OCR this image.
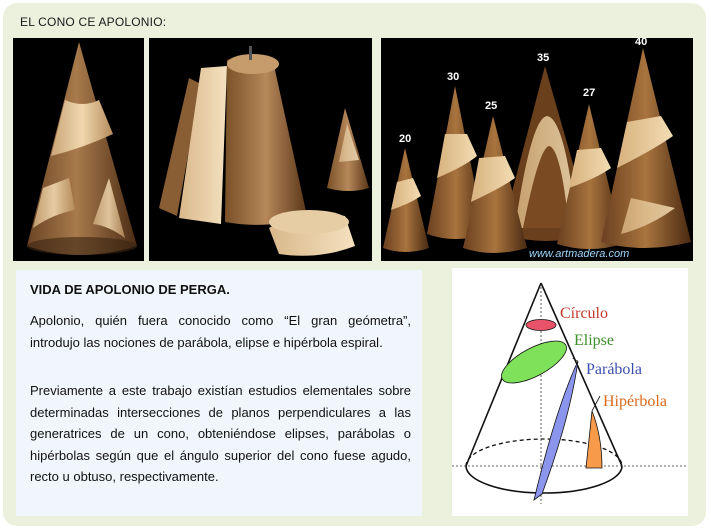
EL CONO CE APOLONIO:
20
30
25
35
27
40
www.artmadera.com
VIDA DE APOLONIO DE PERGA.

Apolonio, quién fuera conocido como “El gran geómetra”, introdujo las nociones de parábola, elipse e hipérbola espiral.

Previamente a este trabajo existían estudios elementales sobre determinadas intersecciones de planos perpendiculares a las generatrices de un cono, obteniéndose elipses, parábolas o hipérbolas según que el ángulo superior del cono fuese agudo, recto u obtuso, respectivamente.

Círculo
Elipse
Parábola
Hipérbola
